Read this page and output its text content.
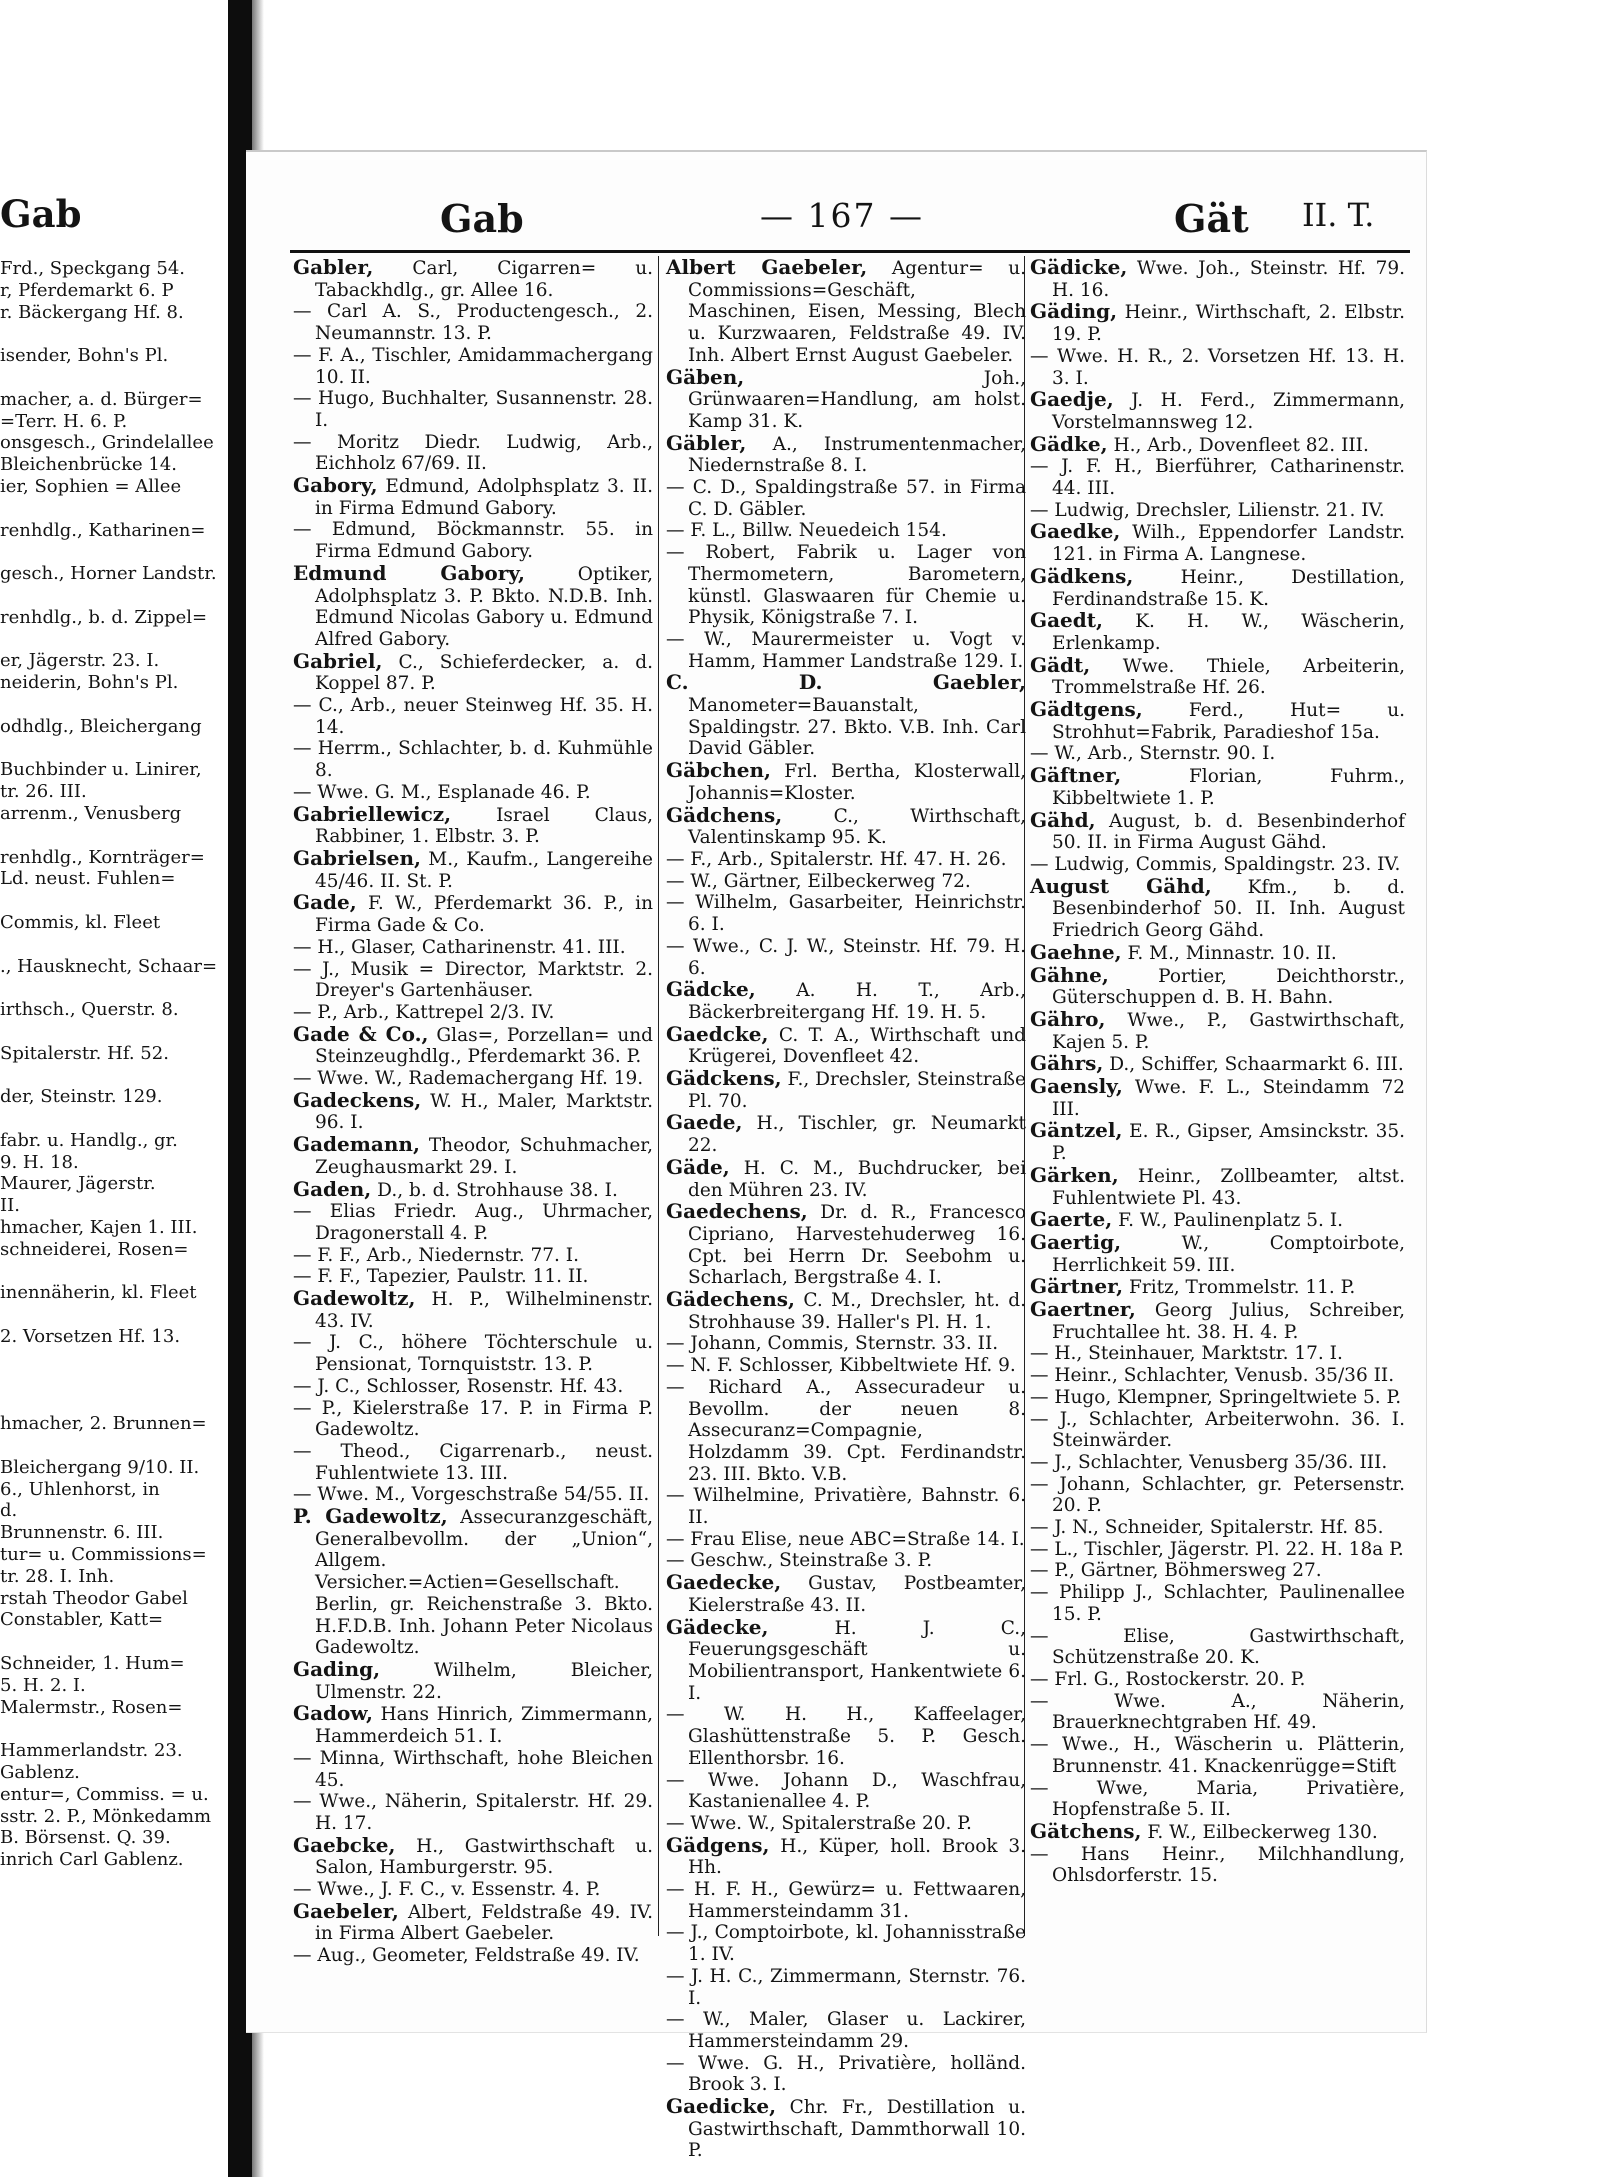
Gab
Frd., Speckgang 54.
r, Pferdemarkt 6. P
r. Bäckergang Hf. 8.
isender, Bohn's Pl.
macher, a. d. Bürger=
=Terr. H. 6. P.
onsgesch., Grindelallee
Bleichenbrücke 14.
ier, Sophien = Allee
renhdlg., Katharinen=
gesch., Horner Landstr.
renhdlg., b. d. Zippel=
er, Jägerstr. 23. I.
neiderin, Bohn's Pl.
odhdlg., Bleichergang
Buchbinder u. Linirer,
tr. 26. III.
arrenm., Venusberg
renhdlg., Kornträger=
Ld. neust. Fuhlen=
Commis, kl. Fleet
., Hausknecht, Schaar=
irthsch., Querstr. 8.
Spitalerstr. Hf. 52.
der, Steinstr. 129.
fabr. u. Handlg., gr.
9. H. 18.
Maurer, Jägerstr.
II.
hmacher, Kajen 1. III.
schneiderei, Rosen=
inennäherin, kl. Fleet
2. Vorsetzen Hf. 13.
hmacher, 2. Brunnen=
Bleichergang 9/10. II.
6., Uhlenhorst, in
d.
Brunnenstr. 6. III.
tur= u. Commissions=
tr. 28. I. Inh.
rstah Theodor Gabel
Constabler, Katt=
Schneider, 1. Hum=
5. H. 2. I.
Malermstr., Rosen=
Hammerlandstr. 23.
Gablenz.
entur=, Commiss. = u.
sstr. 2. P., Mönkedamm
B. Börsenst. Q. 39.
inrich Carl Gablenz.
Gab	— 167 —	Gät II. T.

Gabler, Carl, Cigarren= u. Tabackhdlg., gr. Allee 16.

— Carl A. S., Productengesch., 2. Neumannstr. 13. P.

— F. A., Tischler, Amidammachergang 10. II.

— Hugo, Buchhalter, Susannenstr. 28. I.

— Moritz Diedr. Ludwig, Arb., Eichholz 67/69. II.

Gabory, Edmund, Adolphsplatz 3. II. in Firma Edmund Gabory.

— Edmund, Böckmannstr. 55. in Firma Edmund Gabory.

Edmund Gabory,	Optiker, Adolphsplatz 3. P. Bkto. N.D.B. Inh. Edmund Nicolas Gabory u. Edmund Alfred Gabory.

Gabriel, C., Schieferdecker, a. d. Koppel 87. P.

— C., Arb., neuer Steinweg Hf. 35. H. 14.

— Herrm., Schlachter, b. d. Kuhmühle 8.

— Wwe. G. M., Esplanade 46. P.

Gabriellewicz, Israel Claus, Rabbiner, 1. Elbstr. 3. P.

Gabrielsen, M., Kaufm., Langereihe 45/46. II. St. P.

Gade, F. W., Pferdemarkt 36. P., in Firma Gade & Co.

— H., Glaser, Catharinenstr. 41. III.

— J., Musik = Director, Marktstr. 2. Dreyer's Gartenhäuser.

— P., Arb., Kattrepel 2/3. IV.

Gade & Co., Glas=, Porzellan= und Steinzeughdlg., Pferdemarkt 36. P.

— Wwe. W., Rademachergang Hf. 19.

Gadeckens, W. H., Maler, Marktstr. 96. I.

Gademann, Theodor, Schuhmacher, Zeughausmarkt 29. I.

Gaden, D., b. d. Strohhause 38. I.

— Elias Friedr. Aug., Uhrmacher, Dragonerstall 4. P.

— F. F., Arb., Niedernstr. 77. I.

— F. F., Tapezier, Paulstr. 11. II.

Gadewoltz, H. P., Wilhelminenstr. 43. IV.

— J. C., höhere Töchterschule u. Pensionat, Tornquiststr. 13. P.

— J. C., Schlosser, Rosenstr. Hf. 43.

— P., Kielerstraße 17. P. in Firma P. Gadewoltz.

— Theod., Cigarrenarb., neust. Fuhlentwiete 13. III.

— Wwe. M., Vorgeschstraße 54/55. II.

P. Gadewoltz, Assecuranzgeschäft, Generalbevollm. der „Union“, Allgem. Versicher.=Actien=Gesellschaft. Berlin, gr. Reichenstraße 3. Bkto. H.F.D.B. Inh. Johann Peter Nicolaus Gadewoltz.

Gading,	Wilhelm, Bleicher, Ulmenstr. 22.

Gadow, Hans Hinrich, Zimmermann, Hammerdeich 51. I.

— Minna, Wirthschaft, hohe Bleichen 45.

— Wwe., Näherin, Spitalerstr. Hf. 29. H. 17.

Gaebcke, H., Gastwirthschaft u. Salon, Hamburgerstr. 95.

— Wwe., J. F. C., v. Essenstr. 4. P.

Gaebeler, Albert, Feldstraße 49. IV. in Firma Albert Gaebeler.

— Aug., Geometer, Feldstraße 49. IV.

Albert Gaebeler, Agentur= u. Commissions=Geschäft, Maschinen, Eisen, Messing, Blech u. Kurzwaaren, Feldstraße 49. IV. Inh. Albert Ernst August Gaebeler.

Gäben,	Joh., Grünwaaren=Handlung, am holst. Kamp 31. K.

Gäbler, A., Instrumentenmacher, Niedernstraße 8. I.

— C. D., Spaldingstraße 57. in Firma C. D. Gäbler.

— F. L., Billw. Neuedeich 154.

— Robert, Fabrik u. Lager von Thermometern, Barometern, künstl. Glaswaaren für Chemie u. Physik, Königstraße 7. I.

— W., Maurermeister u. Vogt v. Hamm, Hammer Landstraße 129. I.

C. D. Gaebler, Manometer=Bauanstalt, Spaldingstr. 27. Bkto. V.B. Inh. Carl David Gäbler.

Gäbchen, Frl. Bertha, Klosterwall, Johannis=Kloster.

Gädchens,	C., Wirthschaft, Valentinskamp 95. K.

— F., Arb., Spitalerstr. Hf. 47. H. 26.

— W., Gärtner, Eilbeckerweg 72.

— Wilhelm, Gasarbeiter, Heinrichstr. 6. I.

— Wwe., C. J. W., Steinstr. Hf. 79. H. 6.

Gädcke, A. H. T., Arb., Bäckerbreitergang Hf. 19. H. 5.

Gaedcke, C. T. A., Wirthschaft und Krügerei, Dovenfleet 42.

Gädckens, F., Drechsler, Steinstraße Pl. 70.

Gaede, H., Tischler, gr. Neumarkt 22.

Gäde, H. C. M., Buchdrucker, bei den Mühren 23. IV.

Gaedechens, Dr. d. R., Francesco Cipriano, Harvestehuderweg 16. Cpt. bei Herrn Dr. Seebohm u. Scharlach, Bergstraße 4. I.

Gädechens, C. M., Drechsler, ht. d. Strohhause 39. Haller's Pl. H. 1.

— Johann, Commis, Sternstr. 33. II.

— N. F. Schlosser, Kibbeltwiete Hf. 9.

— Richard A., Assecuradeur u. Bevollm. der neuen 8. Assecuranz=Compagnie, Holzdamm 39. Cpt. Ferdinandstr. 23. III. Bkto. V.B.

— Wilhelmine, Privatière, Bahnstr. 6. II.

— Frau Elise, neue ABC=Straße 14. I.

— Geschw., Steinstraße 3. P.

Gaedecke, Gustav, Postbeamter, Kielerstraße 43. II.

Gädecke,	H. J. C., Feuerungsgeschäft u. Mobilientransport, Hankentwiete 6. I.

— W. H. H., Kaffeelager, Glashüttenstraße 5. P. Gesch. Ellenthorsbr. 16.

— Wwe. Johann D., Waschfrau, Kastanienallee 4. P.

— Wwe. W., Spitalerstraße 20. P.

Gädgens, H., Küper, holl. Brook 3. Hh.

— H. F. H., Gewürz= u. Fettwaaren, Hammersteindamm 31.

— J., Comptoirbote, kl. Johannisstraße 1. IV.

— J. H. C., Zimmermann, Sternstr. 76. I.

— W., Maler, Glaser u. Lackirer, Hammersteindamm 29.

— Wwe. G. H., Privatière, holländ. Brook 3. I.

Gaedicke, Chr. Fr., Destillation u. Gastwirthschaft, Dammthorwall 10. P.

Gädicke, Wwe. Joh., Steinstr. Hf. 79. H. 16.

Gäding, Heinr., Wirthschaft, 2. Elbstr. 19. P.

— Wwe. H. R., 2. Vorsetzen Hf. 13. H. 3. I.

Gaedje, J. H. Ferd., Zimmermann, Vorstelmannsweg 12.

Gädke, H., Arb., Dovenfleet 82. III.

— J. F. H., Bierführer, Catharinenstr. 44. III.

— Ludwig, Drechsler, Lilienstr. 21. IV.

Gaedke, Wilh., Eppendorfer Landstr. 121. in Firma A. Langnese.

Gädkens,	Heinr., Destillation, Ferdinandstraße 15. K.

Gaedt, K. H. W., Wäscherin, Erlenkamp.

Gädt, Wwe. Thiele, Arbeiterin, Trommelstraße Hf. 26.

Gädtgens, Ferd., Hut= u. Strohhut=Fabrik, Paradieshof 15a.

— W., Arb., Sternstr. 90. I.

Gäftner,	Florian, Fuhrm., Kibbeltwiete 1. P.

Gähd, August, b. d. Besenbinderhof 50. II. in Firma August Gähd.

— Ludwig, Commis, Spaldingstr. 23. IV.

August Gähd, Kfm., b. d. Besenbinderhof 50. II. Inh. August Friedrich Georg Gähd.

Gaehne, F. M., Minnastr. 10. II.

Gähne,	Portier, Deichthorstr., Güterschuppen d. B. H. Bahn.

Gähro, Wwe., P., Gastwirthschaft, Kajen 5. P.

Gährs, D., Schiffer, Schaarmarkt 6. III.

Gaensly, Wwe. F. L., Steindamm 72 III.

Gäntzel, E. R., Gipser, Amsinckstr. 35. P.

Gärken, Heinr., Zollbeamter, altst. Fuhlentwiete Pl. 43.

Gaerte, F. W., Paulinenplatz 5. I.

Gaertig,	W., Comptoirbote, Herrlichkeit 59. III.

Gärtner, Fritz, Trommelstr. 11. P.

Gaertner, Georg Julius, Schreiber, Fruchtallee ht. 38. H. 4. P.

— H., Steinhauer, Marktstr. 17. I.

— Heinr., Schlachter, Venusb. 35/36 II.

— Hugo, Klempner, Springeltwiete 5. P.

— J., Schlachter, Arbeiterwohn. 36. I. Steinwärder.

— J., Schlachter, Venusberg 35/36. III.

— Johann, Schlachter, gr. Petersenstr. 20. P.

— J. N., Schneider, Spitalerstr. Hf. 85.

— L., Tischler, Jägerstr. Pl. 22. H. 18a P.

— P., Gärtner, Böhmersweg 27.

— Philipp J., Schlachter, Paulinenallee 15. P.

— Elise, Gastwirthschaft, Schützenstraße 20. K.

— Frl. G., Rostockerstr. 20. P.

— Wwe. A., Näherin, Brauerknechtgraben Hf. 49.

— Wwe., H., Wäscherin u. Plätterin, Brunnenstr. 41. Knackenrügge=Stift

— Wwe, Maria, Privatière, Hopfenstraße 5. II.

Gätchens, F. W., Eilbeckerweg 130.

— Hans Heinr., Milchhandlung, Ohlsdorferstr. 15.
